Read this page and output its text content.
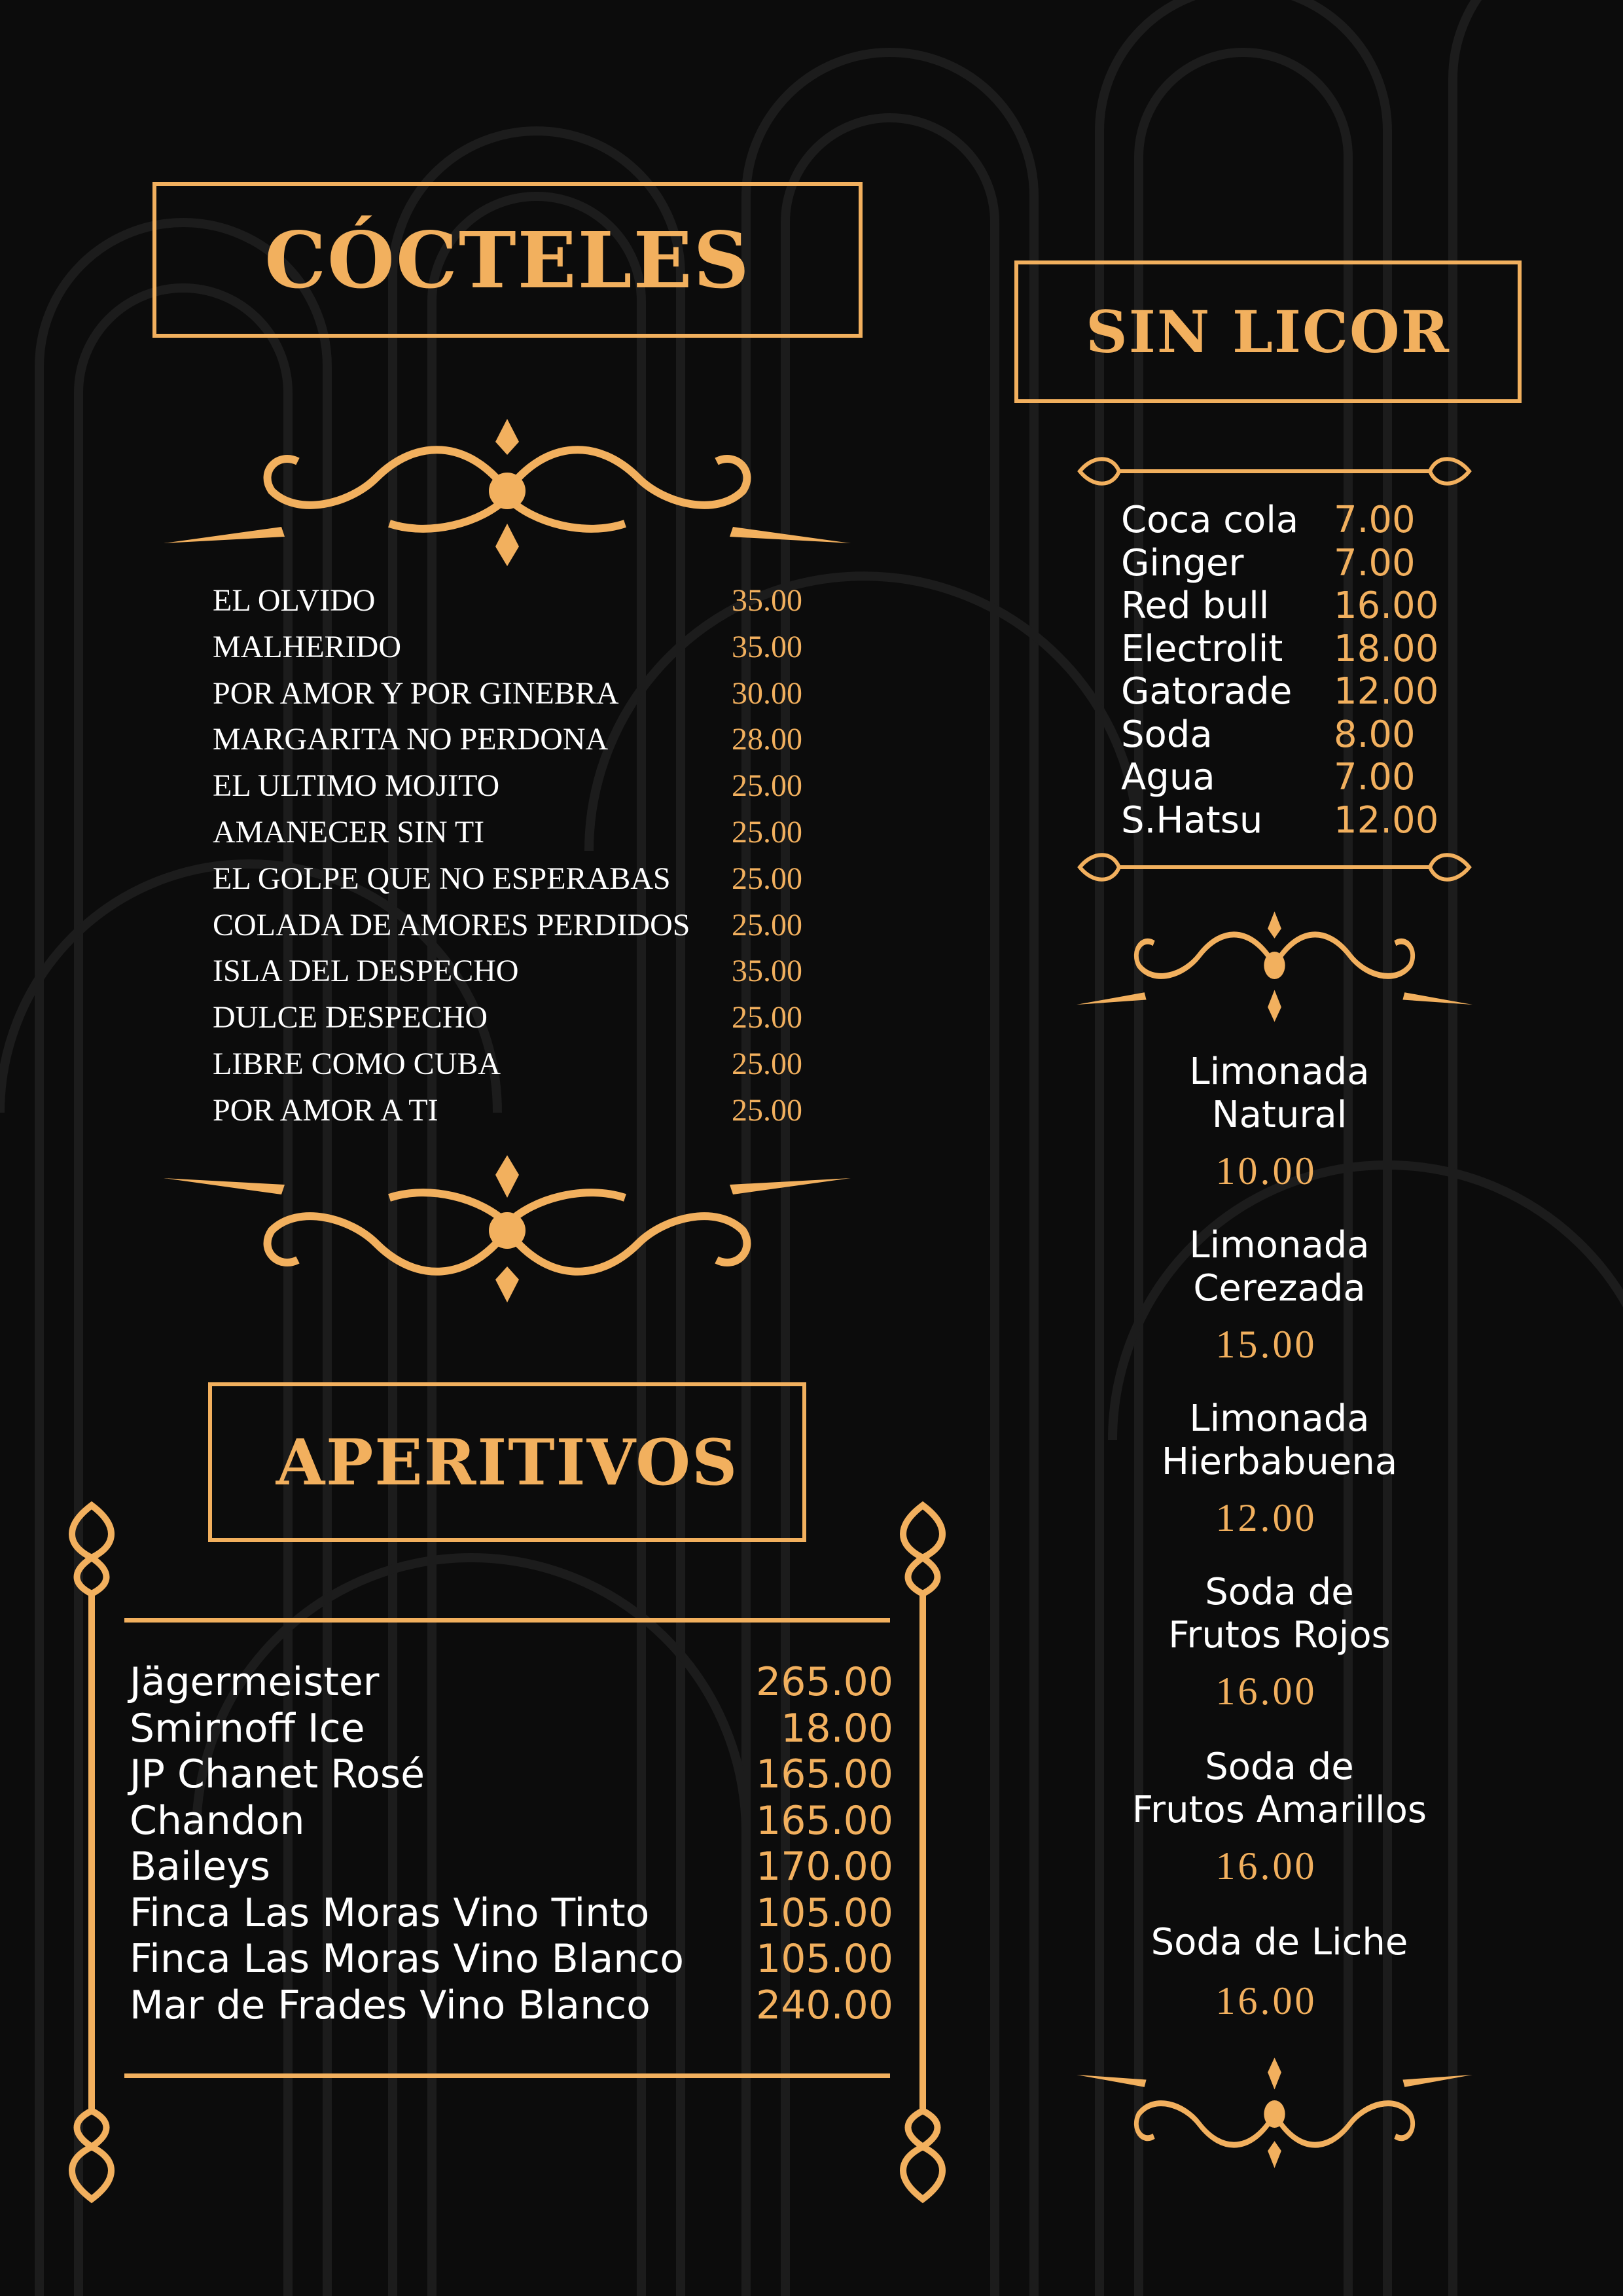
CÓCTELES
EL OLVIDO	35.00
MALHERIDO	35.00
POR AMOR Y POR GINEBRA	30.00
MARGARITA NO PERDONA	28.00
EL ULTIMO MOJITO	25.00
AMANECER SIN TI	25.00
EL GOLPE QUE NO ESPERABAS 25.00
COLADA DE AMORES PERDIDOS 25.00
ISLA DEL DESPECHO	35.00
DULCE DESPECHO	25.00
LIBRE COMO CUBA	25.00
POR AMOR A TI	25.00
APERITIVOS
Jägermeister	265.00
Smirnoff Ice	18.00
JP Chanet Rosé	165.00
Chandon	165.00
Baileys	170.00
Finca Las Moras Vino Tinto	105.00
Finca Las Moras Vino Blanco 105.00
Mar de Frades Vino Blanco	240.00
SIN LICOR
Coca cola 7.00
Ginger 7.00
Red bull 16.00
Electrolit 18.00
Gatorade 12.00
Soda	8.00
Agua	7.00
S.Hatsu 12.00
Limonada
Natural
10.00
Limonada
Cerezada
15.00
Limonada
Hierbabuena
12.00
Soda de
Frutos Rojos
16.00
Soda de
Frutos Amarillos
16.00
Soda de Liche
16.00
